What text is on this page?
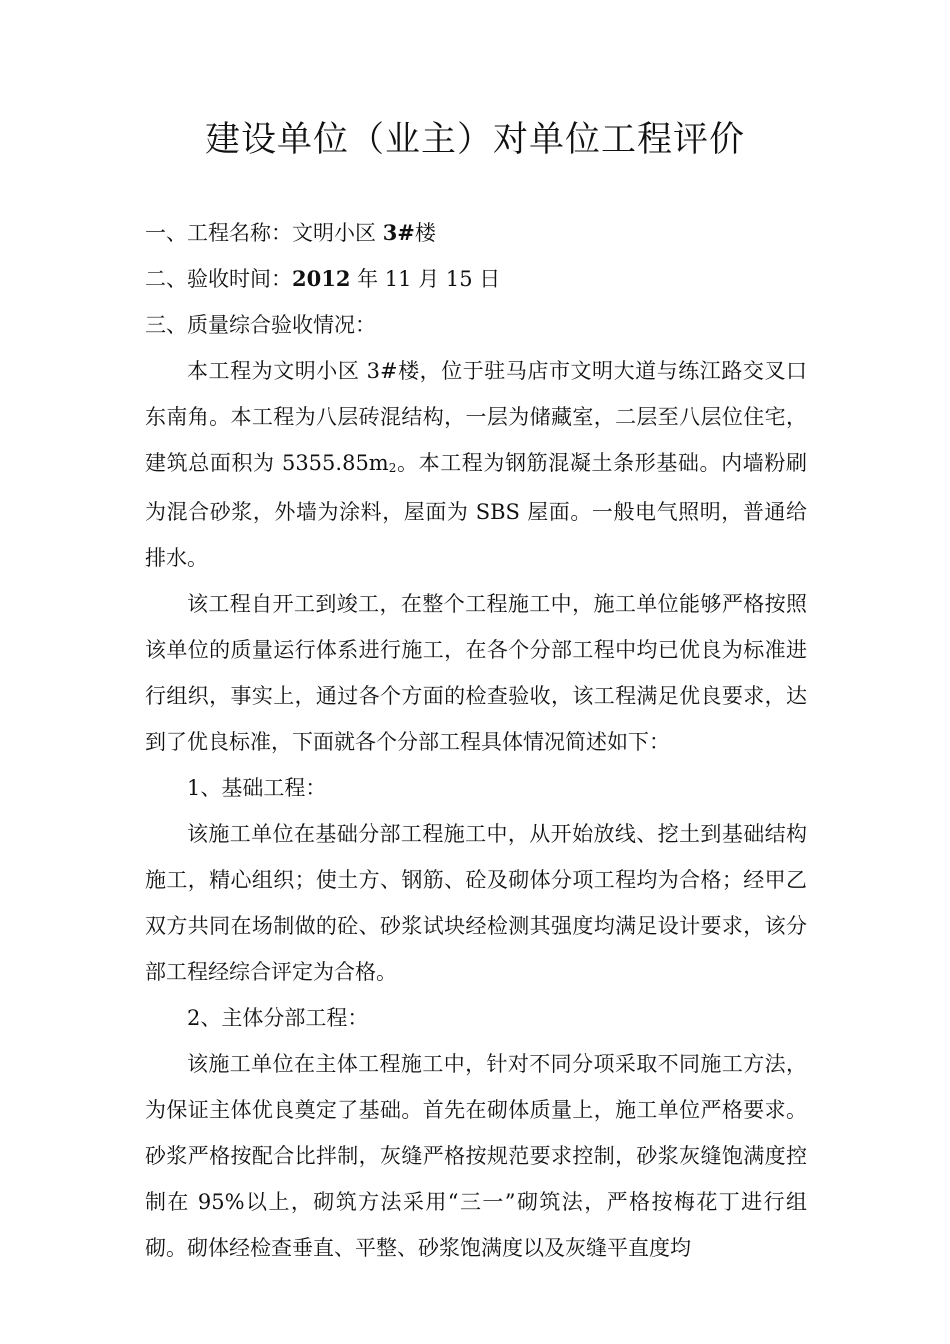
建设单位（业主）对单位工程评价

一、工程名称：文明小区 3#楼

二、验收时间：2012 年 11 月 15 日

三、质量综合验收情况：

本工程为文明小区 3#楼，位于驻马店市文明大道与练江路交叉口东南角。本工程为八层砖混结构，一层为储藏室，二层至八层位住宅，建筑总面积为 $5355.85m^2$。本工程为钢筋混凝土条形基础。内墙粉刷为混合砂浆，外墙为涂料，屋面为 SBS 屋面。一般电气照明，普通给排水。

该工程自开工到竣工，在整个工程施工中，施工单位能够严格按照该单位的质量运行体系进行施工，在各个分部工程中均已优良为标准进行组织，事实上，通过各个方面的检查验收，该工程满足优良要求，达到了优良标准，下面就各个分部工程具体情况简述如下：

1、基础工程：

该施工单位在基础分部工程施工中，从开始放线、挖土到基础结构施工，精心组织；使土方、钢筋、砼及砌体分项工程均为合格；经甲乙双方共同在场制做的砼、砂浆试块经检测其强度均满足设计要求，该分部工程经综合评定为合格。

2、主体分部工程：

该施工单位在主体工程施工中，针对不同分项采取不同施工方法，为保证主体优良奠定了基础。首先在砌体质量上，施工单位严格要求。砂浆严格按配合比拌制，灰缝严格按规范要求控制，砂浆灰缝饱满度控制在 95%以上，砌筑方法采用“三一”砌筑法，严格按梅花丁进行组砌。砌体经检查垂直、平整、砂浆饱满度以及灰缝平直度均
